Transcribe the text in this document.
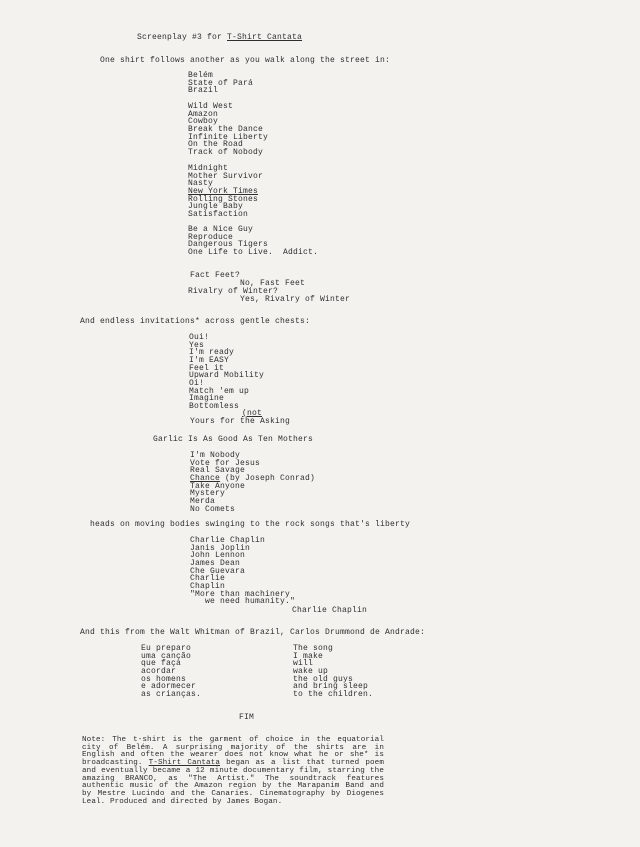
Screenplay #3 for T-Shirt Cantata
One shirt follows another as you walk along the street in:
Belém
State of Pará
Brazil
Wild West
Amazon
Cowboy
Break the Dance
Infinite Liberty
On the Road
Track of Nobody
Midnight
Mother Survivor
Nasty
New York Times
Rolling Stones
Jungle Baby
Satisfaction
Be a Nice Guy
Reproduce
Dangerous Tigers
One Life to Live.  Addict.
Fact Feet?
No, Fast Feet
Rivalry of Winter?
Yes, Rivalry of Winter
And endless invitations* across gentle chests:
Oui!
Yes
I'm ready
I'm EASY
Feel it
Upward Mobility
Oi!
Match 'em up
Imagine
Bottomless
(not
Yours for the Asking
Garlic Is As Good As Ten Mothers
I'm Nobody
Vote for Jesus
Real Savage
Chance (by Joseph Conrad)
Take Anyone
Mystery
Merda
No Comets
heads on moving bodies swinging to the rock songs that's liberty
Charlie Chaplin
Janis Joplin
John Lennon
James Dean
Che Guevara
Charlie
Chaplin
"More than machinery
we need humanity."
Charlie Chaplin
And this from the Walt Whitman of Brazil, Carlos Drummond de Andrade:
Eu preparo
uma canção
que faça
acordar
os homens
e adormecer
as crianças.
The song
I make
will
wake up
the old guys
and bring sleep
to the children.
FIM
Note: The t-shirt is the garment of choice in the equatorial city of Belém. A surprising majority of the shirts are in English and often the wearer does not know what he or she* is broadcasting. T-Shirt Cantata began as a list that turned poem and eventually became a 12 minute documentary film, starring the amazing BRANCO, as "The Artist." The soundtrack features authentic music of the Amazon region by the Marapanim Band and by Mestre Lucindo and the Canaries. Cinematography by Diogenes Leal. Produced and directed by James Bogan.
